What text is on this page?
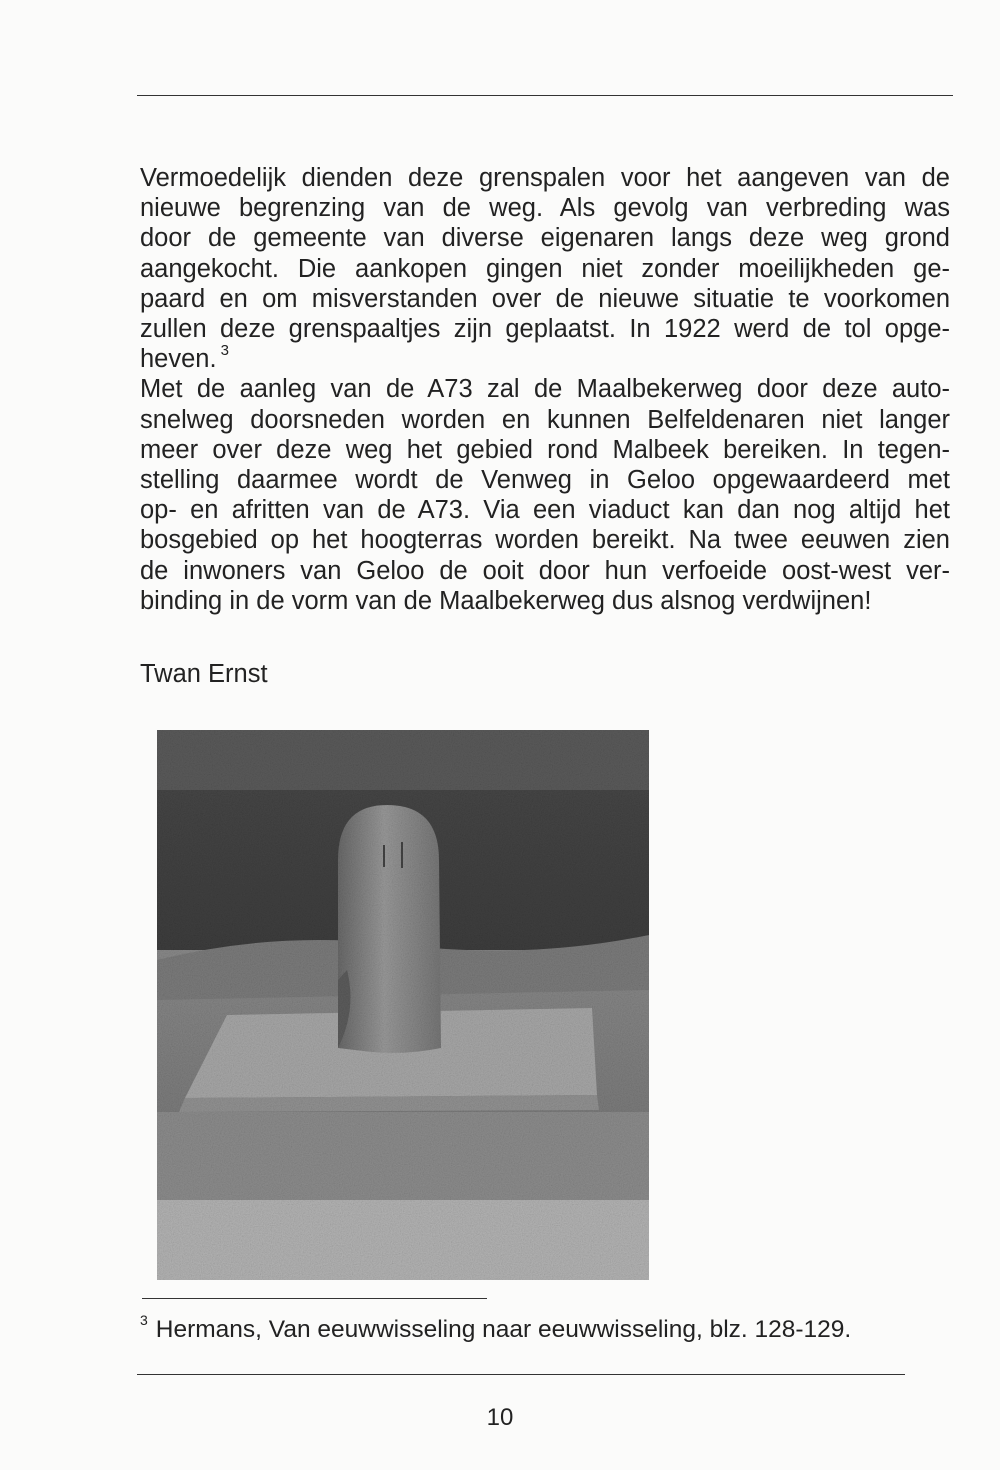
Vermoedelijk dienden deze grenspalen voor het aangeven van de
nieuwe begrenzing van de weg. Als gevolg van verbreding was
door de gemeente van diverse eigenaren langs deze weg grond
aangekocht. Die aankopen gingen niet zonder moeilijkheden ge-
paard en om misverstanden over de nieuwe situatie te voorkomen
zullen deze grenspaaltjes zijn geplaatst. In 1922 werd de tol opge-
heven. $^3$
Met de aanleg van de A73 zal de Maalbekerweg door deze auto-
snelweg doorsneden worden en kunnen Belfeldenaren niet langer
meer over deze weg het gebied rond Malbeek bereiken. In tegen-
stelling daarmee wordt de Venweg in Geloo opgewaardeerd met
op- en afritten van de A73. Via een viaduct kan dan nog altijd het
bosgebied op het hoogterras worden bereikt. Na twee eeuwen zien
de inwoners van Geloo de ooit door hun verfoeide oost-west ver-
binding in de vorm van de Maalbekerweg dus alsnog verdwijnen!
Twan Ernst
$^3$ Hermans, Van eeuwwisseling naar eeuwwisseling, blz. 128-129.
10
